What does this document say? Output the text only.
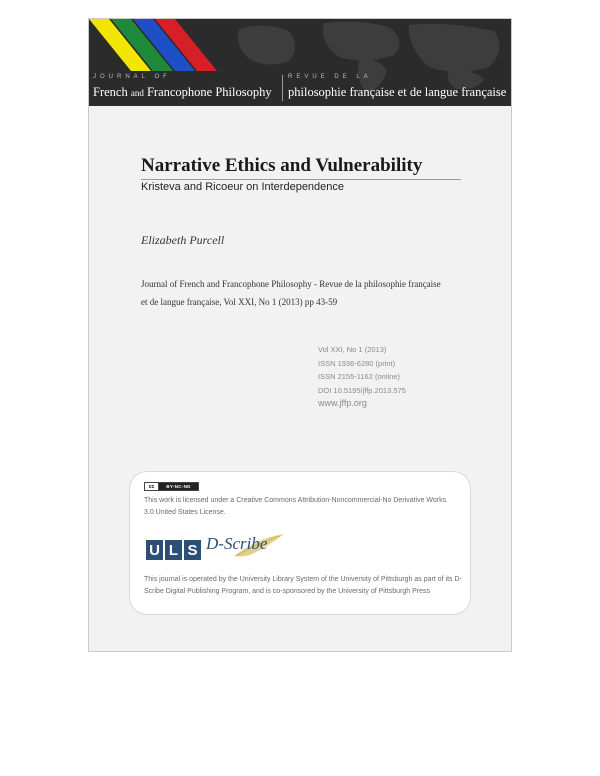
JOURNAL OF
French and Francophone Philosophy
REVUE DE LA
philosophie française et de langue française
Narrative Ethics and Vulnerability
Kristeva and Ricoeur on Interdependence
Elizabeth Purcell
Journal of French and Francophone Philosophy - Revue de la philosophie française et de langue française, Vol XXI, No 1 (2013) pp 43-59
Vol XXI, No 1 (2013)
ISSN 1936-6280 (print)
ISSN 2155-1162 (online)
DOI 10.5195/jffp.2013.575
www.jffp.org
cc	BY-NC-ND
This work is licensed under a Creative Commons Attribution-Noncommercial-No Derivative Works 3.0 United States License.
U L S D-Scribe
This journal is operated by the University Library System of the University of Pittsburgh as part of its D-Scribe Digital Publishing Program, and is co-sponsored by the University of Pittsburgh Press
